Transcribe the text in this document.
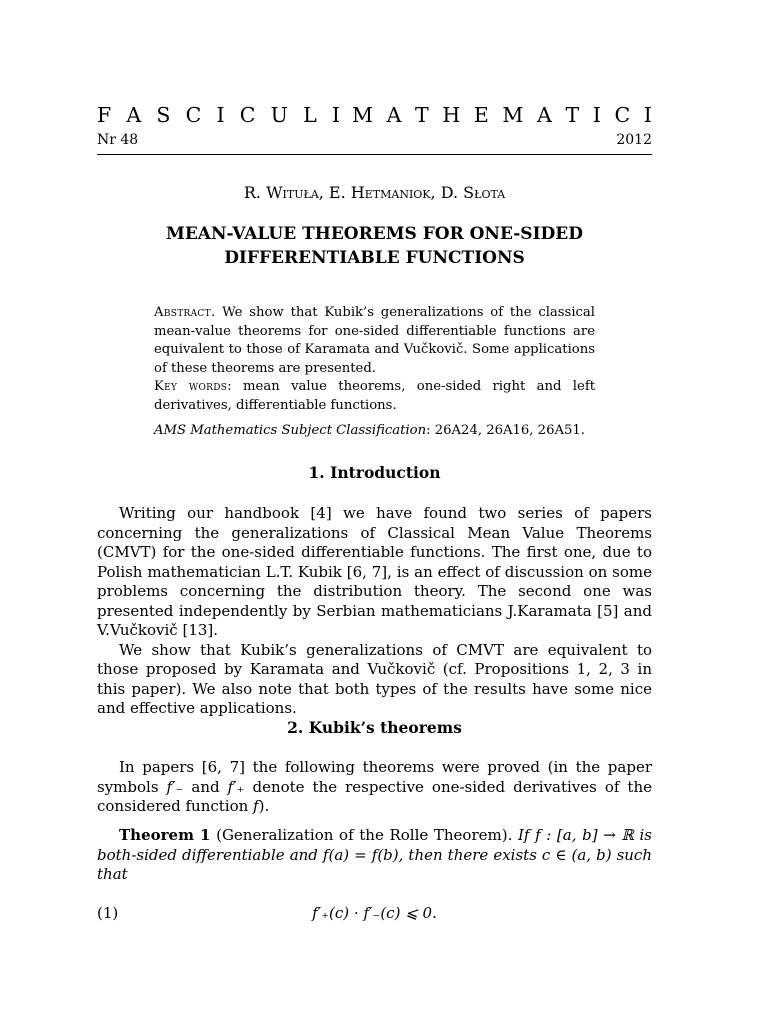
F A S C I C U L I M A T H E M A T I C I
Nr 48	2012
R. Wituła, E. Hetmaniok, D. Słota
MEAN-VALUE THEOREMS FOR ONE-SIDED
DIFFERENTIABLE FUNCTIONS

Abstract. We show that Kubik’s generalizations of the classical mean-value theorems for one-sided differentiable functions are equivalent to those of Karamata and Vučkovič. Some applications of these theorems are presented.

Key words: mean value theorems, one-sided right and left derivatives, differentiable functions.

AMS Mathematics Subject Classification: 26A24, 26A16, 26A51.

1. Introduction

Writing our handbook [4] we have found two series of papers concerning the generalizations of Classical Mean Value Theorems (CMVT) for the one-sided differentiable functions. The first one, due to Polish mathematician L.T. Kubik [6, 7], is an effect of discussion on some problems concerning the distribution theory. The second one was presented independently by Serbian mathematicians J.Karamata [5] and V.Vučkovič [13].

We show that Kubik’s generalizations of CMVT are equivalent to those proposed by Karamata and Vučkovič (cf. Propositions 1, 2, 3 in this paper). We also note that both types of the results have some nice and effective applications.

2. Kubik’s theorems

In papers [6, 7] the following theorems were proved (in the paper symbols f′₋ and f′₊ denote the respective one-sided derivatives of the considered function f).

Theorem 1 (Generalization of the Rolle Theorem). If f : [a, b] → ℝ is both-sided differentiable and f(a) = f(b), then there exists c ∈ (a, b) such that
(1)	f′₊(c) · f′₋(c) ⩽ 0.
